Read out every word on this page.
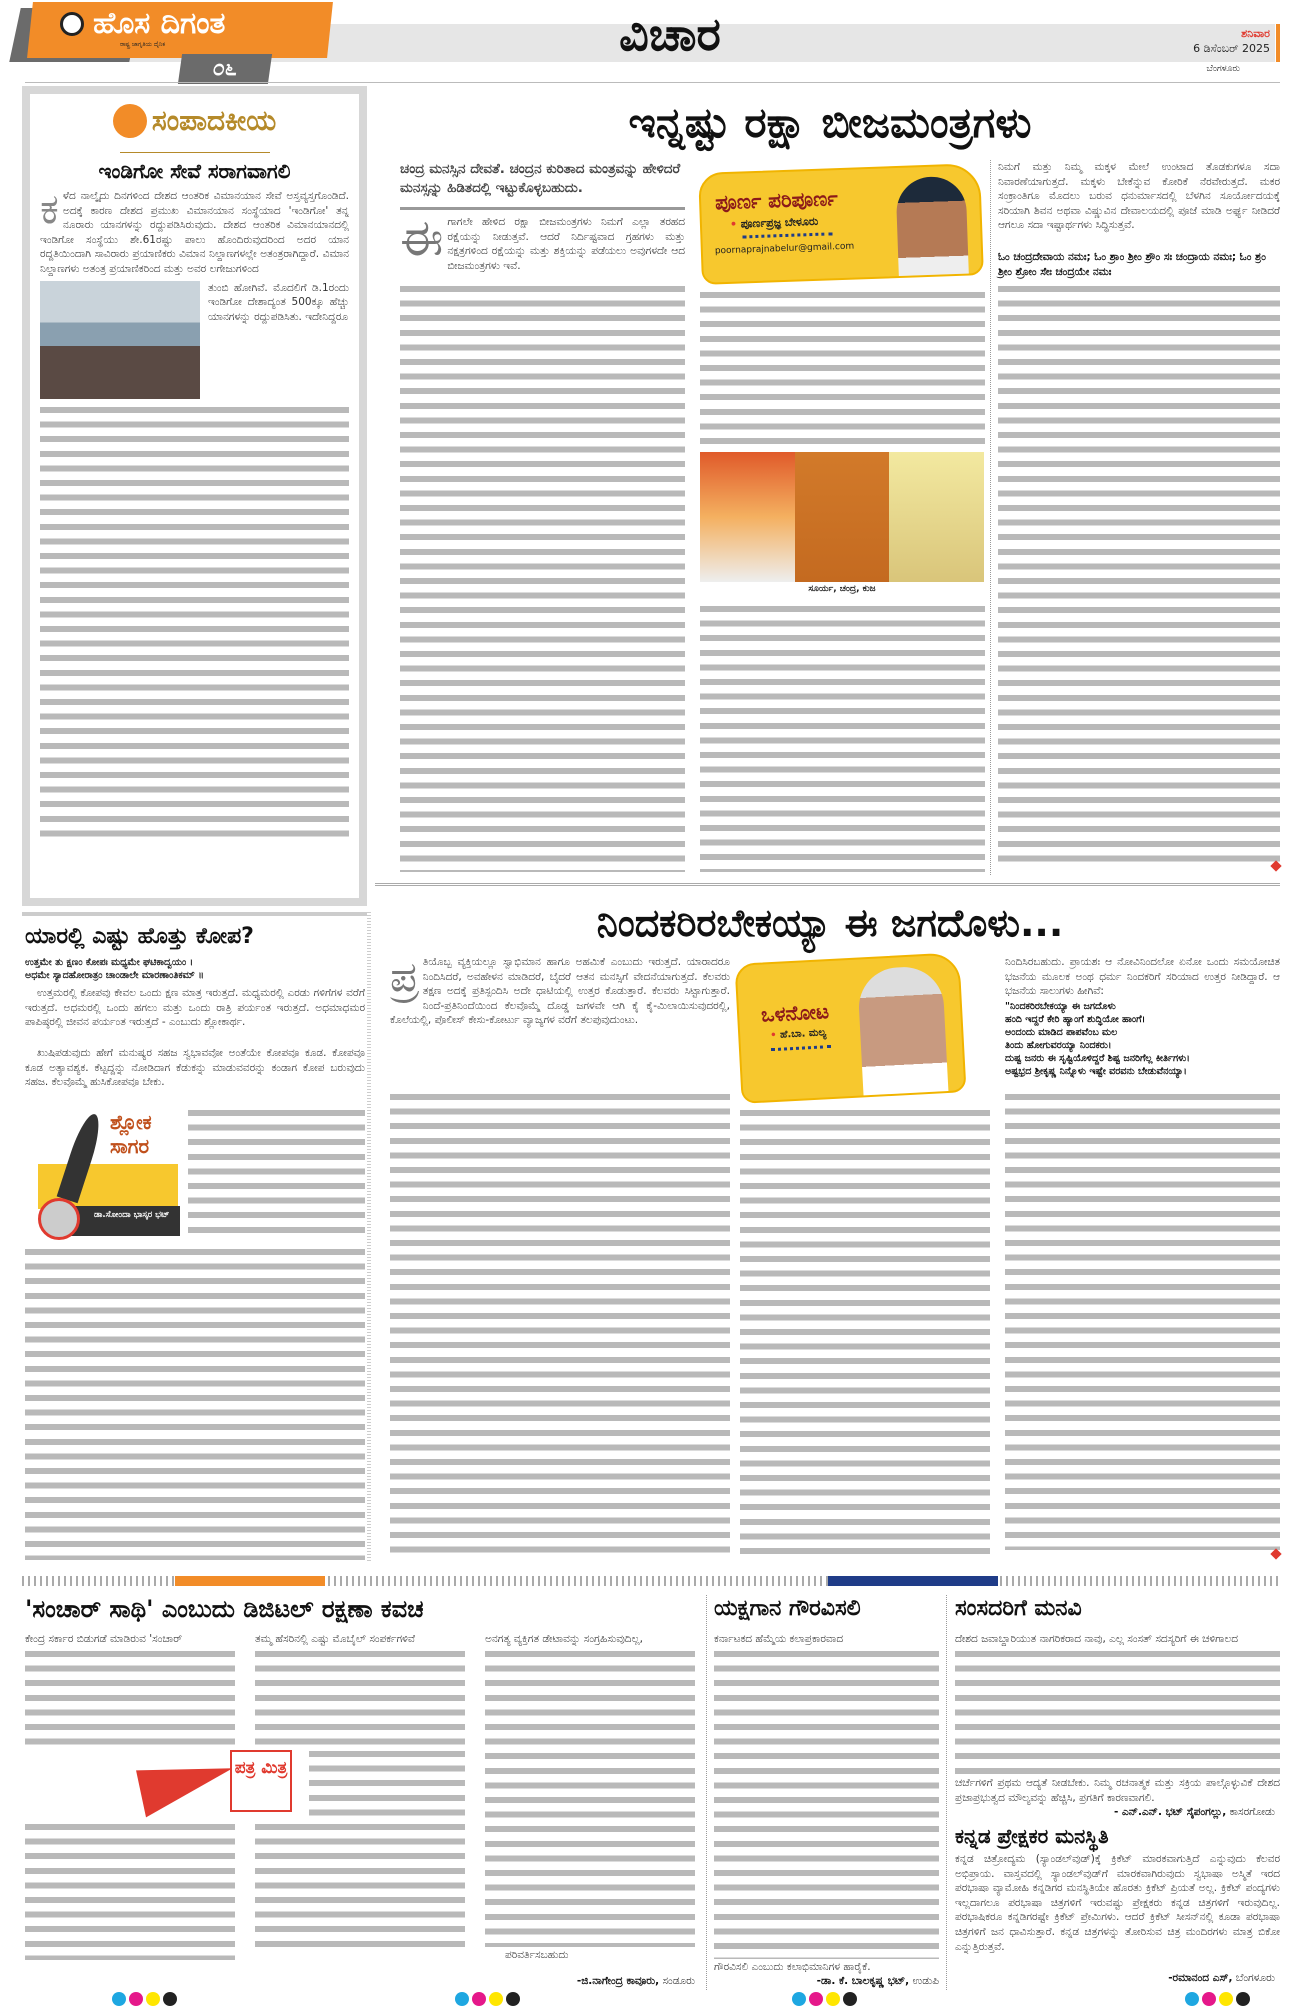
ಹೊಸ ದಿಗಂತ
ರಾಷ್ಟ್ರ ಜಾಗೃತಿಯ ದೈನಿಕ
೦೬
ವಿಚಾರ	ಶನಿವಾರ
6 ಡಿಸೆಂಬರ್ 2025
ಬೆಂಗಳೂರು
ಸಂಪಾದಕೀಯ
ಇಂಡಿಗೋ ಸೇವೆ ಸರಾಗವಾಗಲಿ
ಕಳೆದ ನಾಲ್ಕೈದು ದಿನಗಳಿಂದ ದೇಶದ ಆಂತರಿಕ ವಿಮಾನಯಾನ ಸೇವೆ ಅಸ್ತವ್ಯಸ್ತಗೊಂಡಿದೆ. ಅದಕ್ಕೆ ಕಾರಣ ದೇಶದ ಪ್ರಮುಖ ವಿಮಾನಯಾನ ಸಂಸ್ಥೆಯಾದ 'ಇಂಡಿಗೋ' ತನ್ನ ನೂರಾರು ಯಾನಗಳನ್ನು ರದ್ದುಪಡಿಸಿರುವುದು. ದೇಶದ ಆಂತರಿಕ ವಿಮಾನಯಾನದಲ್ಲಿ ಇಂಡಿಗೋ ಸಂಸ್ಥೆಯು ಶೇ.61ರಷ್ಟು ಪಾಲು ಹೊಂದಿರುವುದರಿಂದ ಅದರ ಯಾನ ರದ್ದತಿಯಿಂದಾಗಿ ಸಾವಿರಾರು ಪ್ರಯಾಣಿಕರು ವಿಮಾನ ನಿಲ್ದಾಣಗಳಲ್ಲೇ ಅತಂತ್ರರಾಗಿದ್ದಾರೆ. ವಿಮಾನ ನಿಲ್ದಾಣಗಳು ಅತಂತ್ರ ಪ್ರಯಾಣಿಕರಿಂದ ಮತ್ತು ಅವರ ಲಗೇಜುಗಳಿಂದ
ತುಂಬಿ ಹೋಗಿವೆ. ಮೊದಲಿಗೆ ಡಿ.1ರಂದು ಇಂಡಿಗೋ ದೇಶಾದ್ಯಂತ 500ಕ್ಕೂ ಹೆಚ್ಚು ಯಾನಗಳನ್ನು ರದ್ದುಪಡಿಸಿತು. ಇದೇನಿದ್ದರೂ
ಇನ್ನಷ್ಟು ರಕ್ಷಾ ಬೀಜಮಂತ್ರಗಳು
ಚಂದ್ರ ಮನಸ್ಸಿನ ದೇವತೆ. ಚಂದ್ರನ ಕುರಿತಾದ ಮಂತ್ರವನ್ನು ಹೇಳಿದರೆ ಮನಸ್ಸನ್ನು ಹಿಡಿತದಲ್ಲಿ ಇಟ್ಟುಕೊಳ್ಳಬಹುದು.
ಈಗಾಗಲೇ ಹೇಳಿದ ರಕ್ಷಾ ಬೀಜಮಂತ್ರಗಳು ನಿಮಗೆ ಎಲ್ಲಾ ತರಹದ ರಕ್ಷೆಯನ್ನು ನೀಡುತ್ತವೆ. ಆದರೆ ನಿರ್ದಿಷ್ಟವಾದ ಗ್ರಹಗಳು ಮತ್ತು ನಕ್ಷತ್ರಗಳಿಂದ ರಕ್ಷೆಯನ್ನು ಮತ್ತು ಶಕ್ತಿಯನ್ನು ಪಡೆಯಲು ಅವುಗಳದೇ ಆದ ಬೀಜಮಂತ್ರಗಳು ಇವೆ.
ಪೂರ್ಣ ಪರಿಪೂರ್ಣ
• ಪೂರ್ಣಪ್ರಜ್ಞ ಬೇಳೂರು
poornaprajnabelur@gmail.com
ಸೂರ್ಯ, ಚಂದ್ರ, ಕುಜ
ನಿಮಗೆ ಮತ್ತು ನಿಮ್ಮ ಮಕ್ಕಳ ಮೇಲೆ ಉಂಟಾದ ತೊಡಕುಗಳೂ ಸದಾ ನಿವಾರಣೆಯಾಗುತ್ತದೆ. ಮಕ್ಕಳು ಬೇಕೆನ್ನುವ ಕೋರಿಕೆ ನೆರವೇರುತ್ತದೆ. ಮಕರ ಸಂಕ್ರಾಂತಿಗೂ ಮೊದಲು ಬರುವ ಧನುರ್ಮಾಸದಲ್ಲಿ ಬೆಳಗಿನ ಸೂರ್ಯೋದಯಕ್ಕೆ ಸರಿಯಾಗಿ ಶಿವನ ಅಥವಾ ವಿಷ್ಣುವಿನ ದೇವಾಲಯದಲ್ಲಿ ಪೂಜೆ ಮಾಡಿ ಅರ್ಘ್ಯ ನೀಡಿದರೆ ಆಗಲೂ ಸದಾ ಇಷ್ಟಾರ್ಥಗಳು ಸಿದ್ಧಿಸುತ್ತವೆ.
ಓಂ ಚಂದ್ರದೇವಾಯ ನಮಃ; ಓಂ ಶ್ರಾಂ ಶ್ರೀಂ ಶ್ರೌಂ ಸಃ ಚಂದ್ರಾಯ ನಮಃ; ಓಂ ಶ್ರಂ ಶ್ರೀಂ ಶ್ರೋಂ ಸೇಃ ಚಂದ್ರಯೇ ನಮಃ
ಯಾರಲ್ಲಿ ಎಷ್ಟು ಹೊತ್ತು ಕೋಪ?
ಉತ್ತಮೇ ತು ಕ್ಷಣಂ ಕೋಪಃ ಮಧ್ಯಮೇ ಘಟಿಕಾದ್ವಯಂ ।
ಅಧಮೇ ಸ್ಯಾದಹೋರಾತ್ರಂ ಚಾಂಡಾಲೇ ಮಾರಣಾಂತಿಕಮ್ ॥
ಉತ್ತಮರಲ್ಲಿ ಕೋಪವು ಕೇವಲ ಒಂದು ಕ್ಷಣ ಮಾತ್ರ ಇರುತ್ತದೆ. ಮಧ್ಯಮರಲ್ಲಿ ಎರಡು ಗಳಿಗೆಗಳ ವರೆಗೆ ಇರುತ್ತದೆ. ಅಧಮರಲ್ಲಿ ಒಂದು ಹಗಲು ಮತ್ತು ಒಂದು ರಾತ್ರಿ ಪರ್ಯಂತ ಇರುತ್ತದೆ. ಅಧಮಾಧಮರ ಪಾಪಿಷ್ಠರಲ್ಲಿ ಜೀವನ ಪರ್ಯಂತ ಇರುತ್ತದೆ - ಎಂಬುದು ಶ್ಲೋಕಾರ್ಥ.
ಖುಷಿಪಡುವುದು ಹೇಗೆ ಮನುಷ್ಯರ ಸಹಜ ಸ್ವಭಾವವೋ ಅಂತೆಯೇ ಕೋಪವೂ ಕೂಡ. ಕೋಪವೂ ಕೂಡ ಅತ್ಯಾವಶ್ಯಕ. ಕೆಟ್ಟದ್ದನ್ನು ನೋಡಿದಾಗ ಕೆಡುಕನ್ನು ಮಾಡುವವರನ್ನು ಕಂಡಾಗ ಕೋಪ ಬರುವುದು ಸಹಜ. ಕೆಲವೊಮ್ಮೆ ಹುಸಿಕೋಪವೂ ಬೇಕು.
ಶ್ಲೋಕ ಸಾಗರ
ಡಾ.ಸೋಂದಾ ಭಾಸ್ಕರ ಭಟ್
ನಿಂದಕರಿರಬೇಕಯ್ಯಾ ಈ ಜಗದೊಳು...
ಪ್ರ ತಿಯೊಬ್ಬ ವ್ಯಕ್ತಿಯಲ್ಲೂ ಸ್ವಾಭಿಮಾನ ಹಾಗೂ ಅಹಮಿಕೆ ಎಂಬುದು ಇರುತ್ತದೆ. ಯಾರಾದರೂ ನಿಂದಿಸಿದರೆ, ಅವಹೇಳನ ಮಾಡಿದರೆ, ಬೈದರೆ ಆತನ ಮನಸ್ಸಿಗೆ ವೇದನೆಯಾಗುತ್ತದೆ. ಕೆಲವರು ತಕ್ಷಣ ಅದಕ್ಕೆ ಪ್ರತಿಸ್ಪಂದಿಸಿ ಅದೇ ಧಾಟಿಯಲ್ಲಿ ಉತ್ತರ ಕೊಡುತ್ತಾರೆ. ಕೆಲವರು ಸಿಟ್ಟಾಗುತ್ತಾರೆ. ನಿಂದೆ-ಪ್ರತಿನಿಂದೆಯಿಂದ ಕೆಲವೊಮ್ಮೆ ದೊಡ್ಡ ಜಗಳವೇ ಆಗಿ ಕೈ ಕೈ-ಮಿಲಾಯಿಸುವುದರಲ್ಲಿ, ಕೊಲೆಯಲ್ಲಿ, ಪೊಲೀಸ್ ಕೇಸು-ಕೋರ್ಟು ವ್ಯಾಜ್ಯಗಳ ವರೆಗೆ ತಲಪುವುದುಂಟು.	ಒಳನೋಟ
• ಹೆ.ಬಾ. ಮಲ್ಯ
ನಿಂದಿಸಿರಬಹುದು. ಪ್ರಾಯಶಃ ಆ ನೋವಿನಿಂದಲೋ ಏನೋ ಒಂದು ಸಮಯೋಚಿತ ಭಜನೆಯ ಮೂಲಕ ಅಂಥ ಧರ್ಮ ನಿಂದಕರಿಗೆ ಸರಿಯಾದ ಉತ್ತರ ನೀಡಿದ್ದಾರೆ. ಆ ಭಜನೆಯ ಸಾಲುಗಳು ಹೀಗಿವೆ:
"ನಿಂದಕರಿರಬೇಕಯ್ಯಾ ಈ ಜಗದೊಳು
ಹಂದಿ ಇದ್ದರೆ ಕೇರಿ ಹ್ಯಾಂಗೆ ಶುದ್ಧಿಯೋ ಹಾಂಗೆ।
ಅಂದಂದು ಮಾಡಿದ ಪಾಪವೆಂಬ ಮಲ
ತಿಂದು ಹೋಗುವರಯ್ಯಾ ನಿಂದಕರು।
ದುಷ್ಟ ಜನರು ಈ ಸೃಷ್ಟಿಯೊಳಿದ್ದರೆ ಶಿಷ್ಟ ಜನರಿಗೆಲ್ಲ ಕೀರ್ತಿಗಳು।
ಅಷ್ಟಭ್ರದ ಶ್ರೀಕೃಷ್ಣ ನಿನ್ನೊಳು ಇಷ್ಟೇ ವರವನು ಬೇಡುವೆನಯ್ಯಾ।
'ಸಂಚಾರ್ ಸಾಥಿ' ಎಂಬುದು ಡಿಜಿಟಲ್ ರಕ್ಷಣಾ ಕವಚ
ಕೇಂದ್ರ ಸರ್ಕಾರ ಬಿಡುಗಡೆ ಮಾಡಿರುವ 'ಸಂಚಾರ್	ತಮ್ಮ ಹೆಸರಿನಲ್ಲಿ ಎಷ್ಟು ಮೊಬೈಲ್ ಸಂಪರ್ಕಗಳಿವೆ	ಅನಗತ್ಯ ವ್ಯಕ್ತಿಗತ ಡೇಟಾವನ್ನು ಸಂಗ್ರಹಿಸುವುದಿಲ್ಲ,
ಪರಿವರ್ತಿಸಬಹುದು
ಪತ್ರ ಮಿತ್ರ
-ಜಿ.ನಾಗೇಂದ್ರ ಕಾವೂರು, ಸಂಡೂರು
ಯಕ್ಷಗಾನ ಗೌರವಿಸಲಿ
ಕರ್ನಾಟಕದ ಹೆಮ್ಮೆಯ ಕಲಾಪ್ರಕಾರವಾದ
ಗೌರವಿಸಲಿ ಎಂಬುದು ಕಲಾಭಿಮಾನಿಗಳ ಹಾರೈಕೆ.
-ಡಾ. ಕೆ. ಬಾಲಕೃಷ್ಣ ಭಟ್, ಉಡುಪಿ
ಸಂಸದರಿಗೆ ಮನವಿ
ದೇಶದ ಜವಾಬ್ದಾರಿಯುತ ನಾಗರಿಕರಾದ ನಾವು, ಎಲ್ಲ ಸಂಸತ್ ಸದಸ್ಯರಿಗೆ ಈ ಚಳಿಗಾಲದ
ಚರ್ಚೆಗಳಿಗೆ ಪ್ರಥಮ ಆದ್ಯತೆ ನೀಡಬೇಕು. ನಿಮ್ಮ ರಚನಾತ್ಮಕ ಮತ್ತು ಸಕ್ರಿಯ ಪಾಲ್ಗೊಳ್ಳುವಿಕೆ ದೇಶದ ಪ್ರಜಾಪ್ರಭುತ್ವದ ಮೌಲ್ಯವನ್ನು ಹೆಚ್ಚಿಸಿ, ಪ್ರಗತಿಗೆ ಕಾರಣವಾಗಲಿ.
- ಎನ್.ಎನ್. ಭಟ್ ಸೈಪಂಗಲ್ಲು, ಕಾಸರಗೋಡು
ಕನ್ನಡ ಪ್ರೇಕ್ಷಕರ ಮನಸ್ಥಿತಿ
ಕನ್ನಡ ಚಿತ್ರೋದ್ಯಮ (ಸ್ಯಾಂಡಲ್‌ವುಡ್)ಕ್ಕೆ ಕ್ರಿಕೆಟ್ ಮಾರಕವಾಗುತ್ತಿದೆ ಎನ್ನುವುದು ಕೆಲವರ ಅಭಿಪ್ರಾಯ. ವಾಸ್ತವದಲ್ಲಿ ಸ್ಯಾಂಡಲ್‌ವುಡ್‌ಗೆ ಮಾರಕವಾಗಿರುವುದು ಸ್ವಭಾಷಾ ಅಸ್ಮಿತೆ ಇರದ ಪರಭಾಷಾ ವ್ಯಾಮೋಹಿ ಕನ್ನಡಿಗರ ಮನಸ್ಥಿತಿಯೇ ಹೊರತು ಕ್ರಿಕೆಟ್ ಪ್ರಿಯತೆ ಅಲ್ಲ. ಕ್ರಿಕೆಟ್ ಪಂದ್ಯಗಳು ಇಲ್ಲದಾಗಲೂ ಪರಭಾಷಾ ಚಿತ್ರಗಳಿಗೆ ಇರುವಷ್ಟು ಪ್ರೇಕ್ಷಕರು ಕನ್ನಡ ಚಿತ್ರಗಳಿಗೆ ಇರುವುದಿಲ್ಲ. ಪರಭಾಷಿಕರೂ ಕನ್ನಡಿಗರಷ್ಟೇ ಕ್ರಿಕೆಟ್ ಪ್ರೇಮಿಗಳು. ಆದರೆ ಕ್ರಿಕೆಟ್ ಸೀಸನ್‌ನಲ್ಲಿ ಕೂಡಾ ಪರಭಾಷಾ ಚಿತ್ರಗಳಿಗೆ ಜನ ಧಾವಿಸುತ್ತಾರೆ. ಕನ್ನಡ ಚಿತ್ರಗಳನ್ನು ತೋರಿಸುವ ಚಿತ್ರ ಮಂದಿರಗಳು ಮಾತ್ರ ಬಿಕೋ ಎನ್ನುತ್ತಿರುತ್ತವೆ.
-ರಮಾನಂದ ಎಸ್, ಬೆಂಗಳೂರು
